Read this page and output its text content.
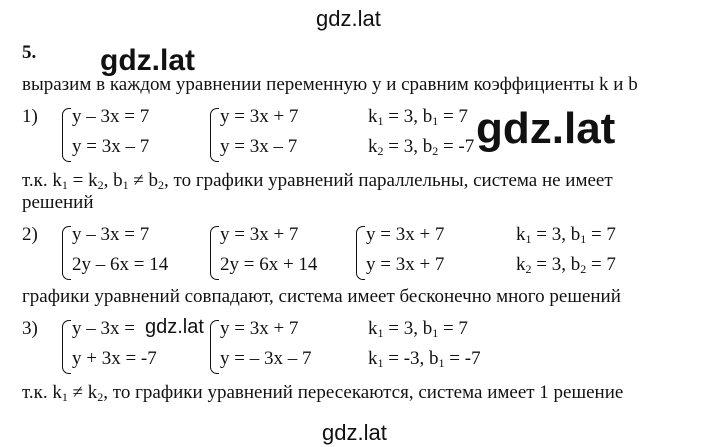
gdz.lat
gdz.lat
gdz.lat
gdz.lat
gdz.lat
5.
выразим в каждом уравнении переменную y и сравним коэффициенты k и b
1) y – 3x = 7
y = 3x – 7
y = 3x + 7
y = 3x – 7
$k_1 = 3$, $b_1 = 7$
$k_2 = 3$, $b_2 = -7$
т.к. $k_1 = k_2$, $b_1 \ne b_2$, то графики уравнений параллельны, система не имеет
решений
2) y – 3x = 7
2y – 6x = 14
y = 3x + 7
2y = 6x + 14
y = 3x + 7
y = 3x + 7
$k_1 = 3$, $b_1 = 7$
$k_2 = 3$, $b_2 = 7$
графики уравнений совпадают, система имеет бесконечно много решений
3) y – 3x =
y + 3x = -7
y = 3x + 7
y = – 3x – 7
$k_1 = 3$, $b_1 = 7$
$k_1 = -3$, $b_1 = -7$
т.к. $k_1 \ne k_2$, то графики уравнений пересекаются, система имеет 1 решение
